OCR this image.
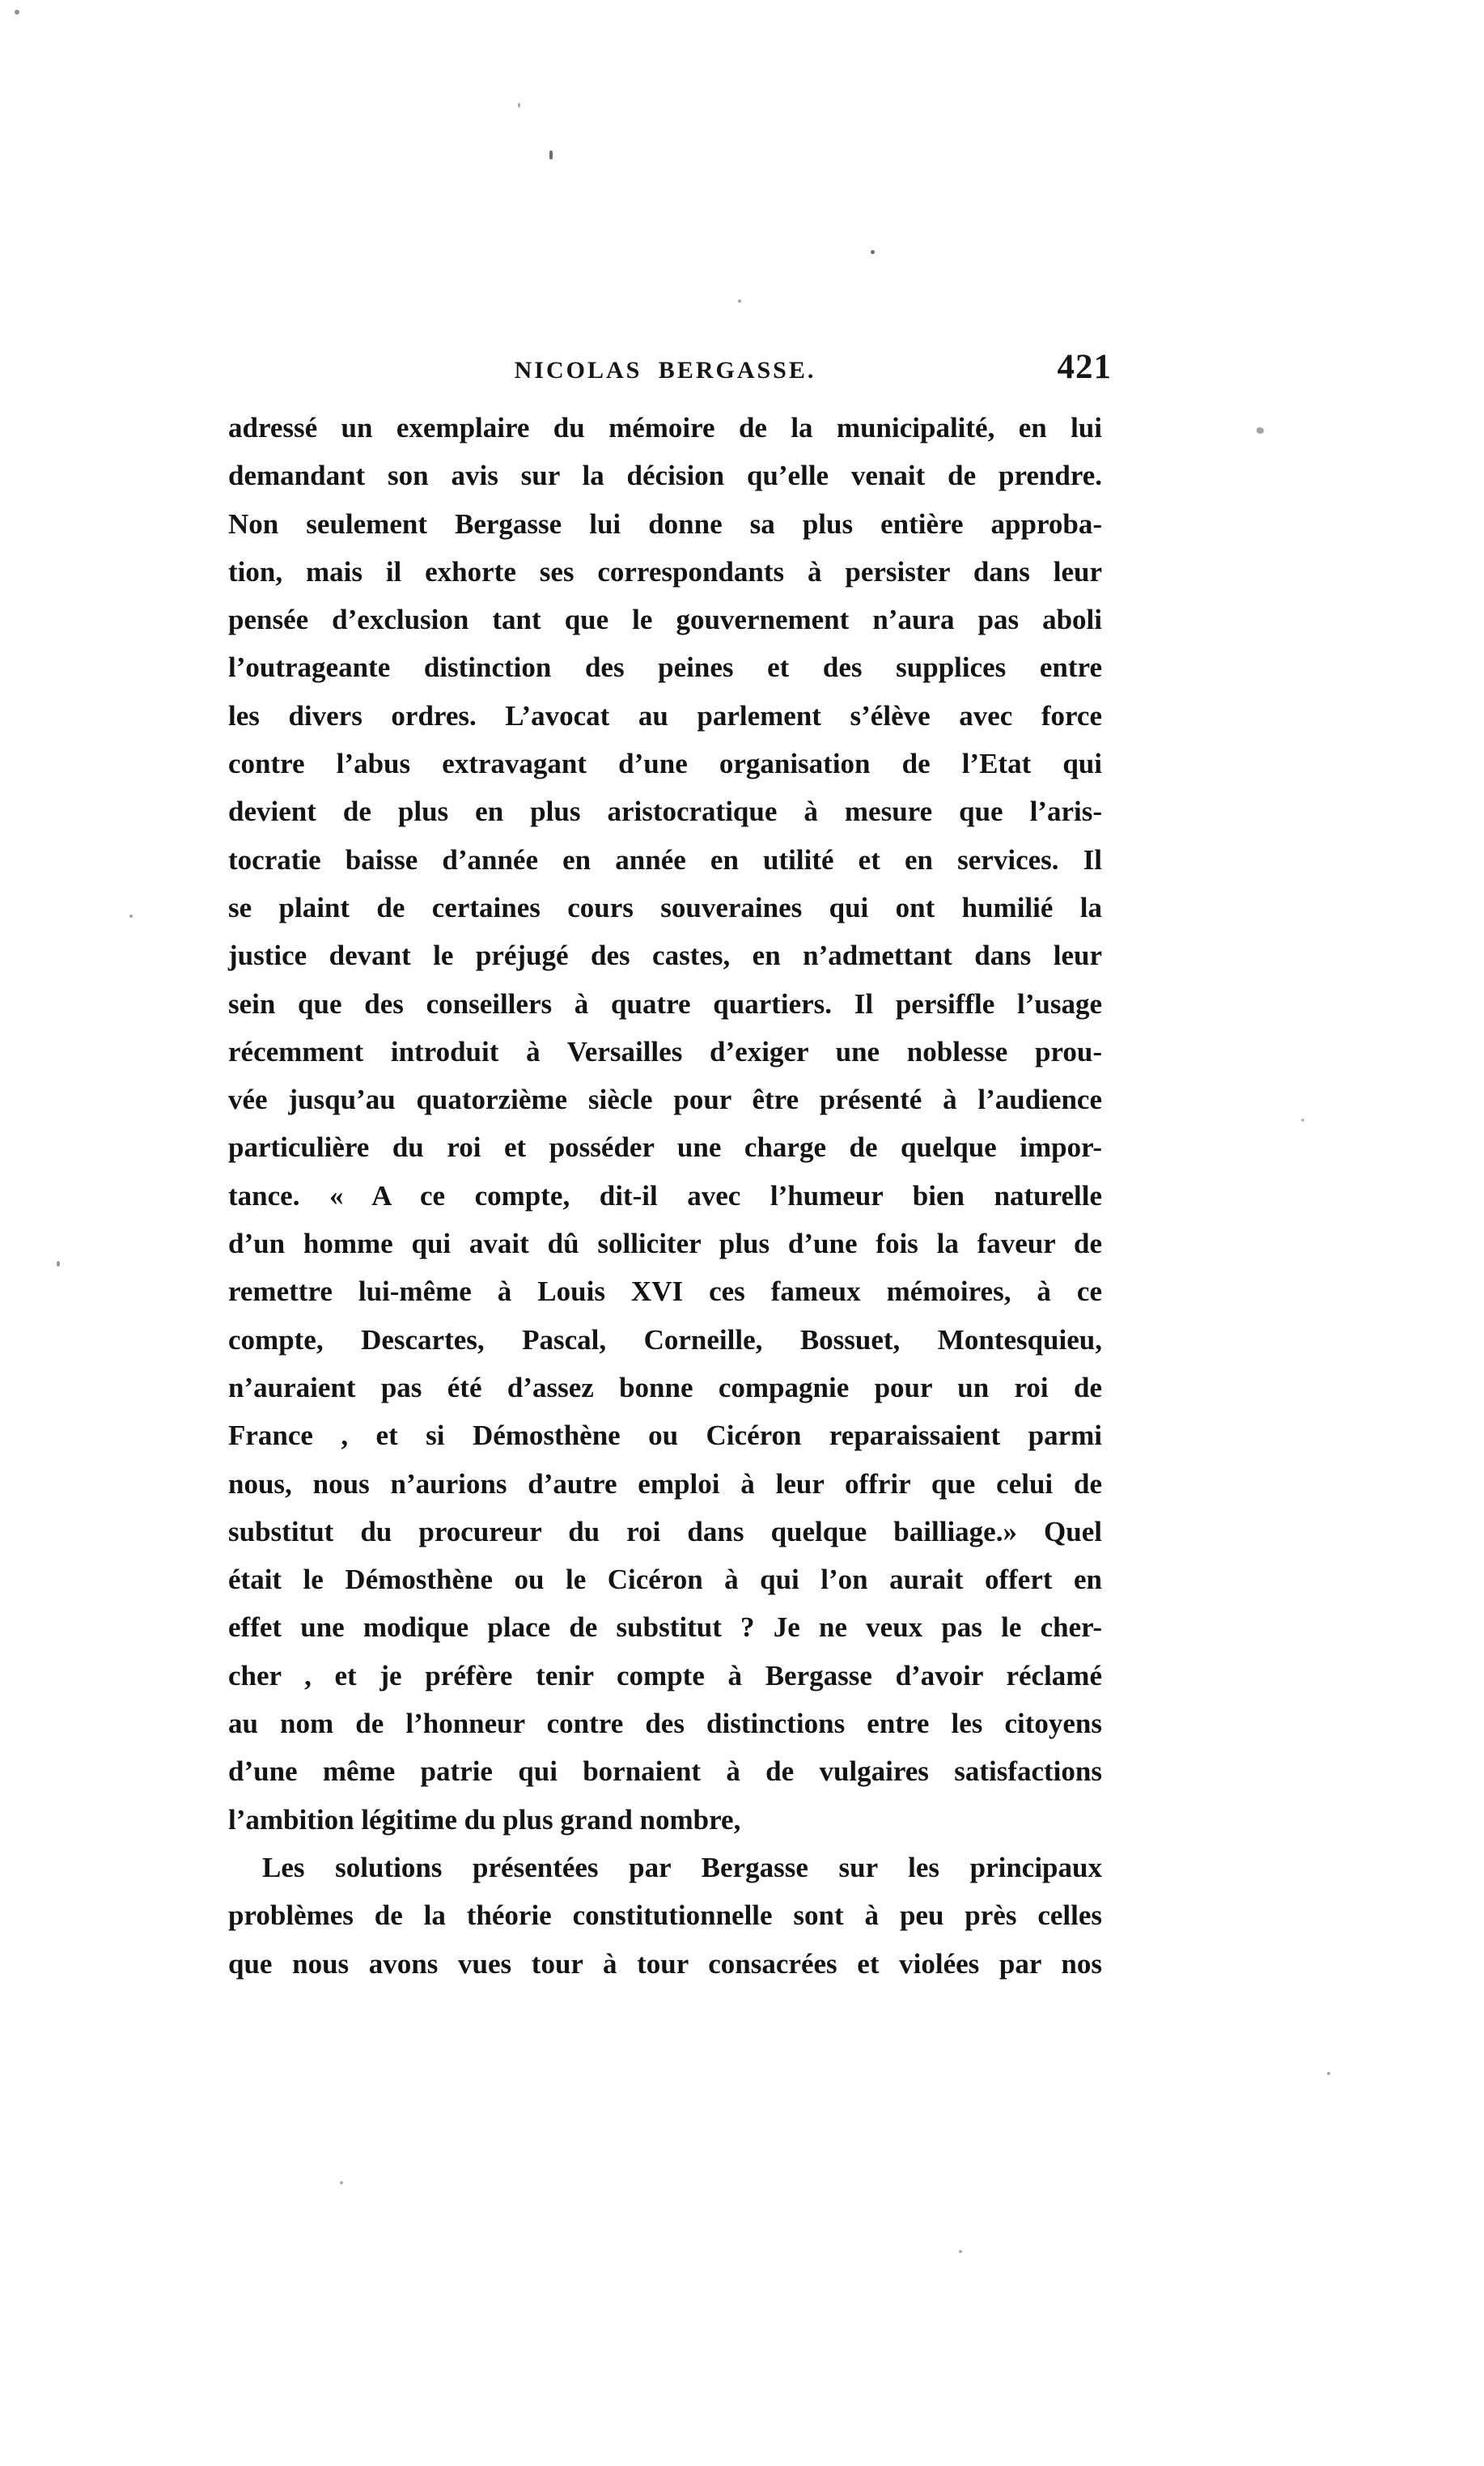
NICOLAS BERGASSE.	421
adressé un exemplaire du mémoire de la municipalité, en lui
demandant son avis sur la décision qu’elle venait de prendre.
Non seulement Bergasse lui donne sa plus entière approba-
tion, mais il exhorte ses correspondants à persister dans leur
pensée d’exclusion tant que le gouvernement n’aura pas aboli
l’outrageante distinction des peines et des supplices entre
les divers ordres. L’avocat au parlement s’élève avec force
contre l’abus extravagant d’une organisation de l’Etat qui
devient de plus en plus aristocratique à mesure que l’aris-
tocratie baisse d’année en année en utilité et en services. Il
se plaint de certaines cours souveraines qui ont humilié la
justice devant le préjugé des castes, en n’admettant dans leur
sein que des conseillers à quatre quartiers. Il persiffle l’usage
récemment introduit à Versailles d’exiger une noblesse prou-
vée jusqu’au quatorzième siècle pour être présenté à l’audience
particulière du roi et posséder une charge de quelque impor-
tance. « A ce compte, dit-il avec l’humeur bien naturelle
d’un homme qui avait dû solliciter plus d’une fois la faveur de
remettre lui-même à Louis XVI ces fameux mémoires, à ce
compte, Descartes, Pascal, Corneille, Bossuet, Montesquieu,
n’auraient pas été d’assez bonne compagnie pour un roi de
France , et si Démosthène ou Cicéron reparaissaient parmi
nous, nous n’aurions d’autre emploi à leur offrir que celui de
substitut du procureur du roi dans quelque bailliage.» Quel
était le Démosthène ou le Cicéron à qui l’on aurait offert en
effet une modique place de substitut ? Je ne veux pas le cher-
cher , et je préfère tenir compte à Bergasse d’avoir réclamé
au nom de l’honneur contre des distinctions entre les citoyens
d’une même patrie qui bornaient à de vulgaires satisfactions
l’ambition légitime du plus grand nombre,
Les solutions présentées par Bergasse sur les principaux
problèmes de la théorie constitutionnelle sont à peu près celles
que nous avons vues tour à tour consacrées et violées par nos
